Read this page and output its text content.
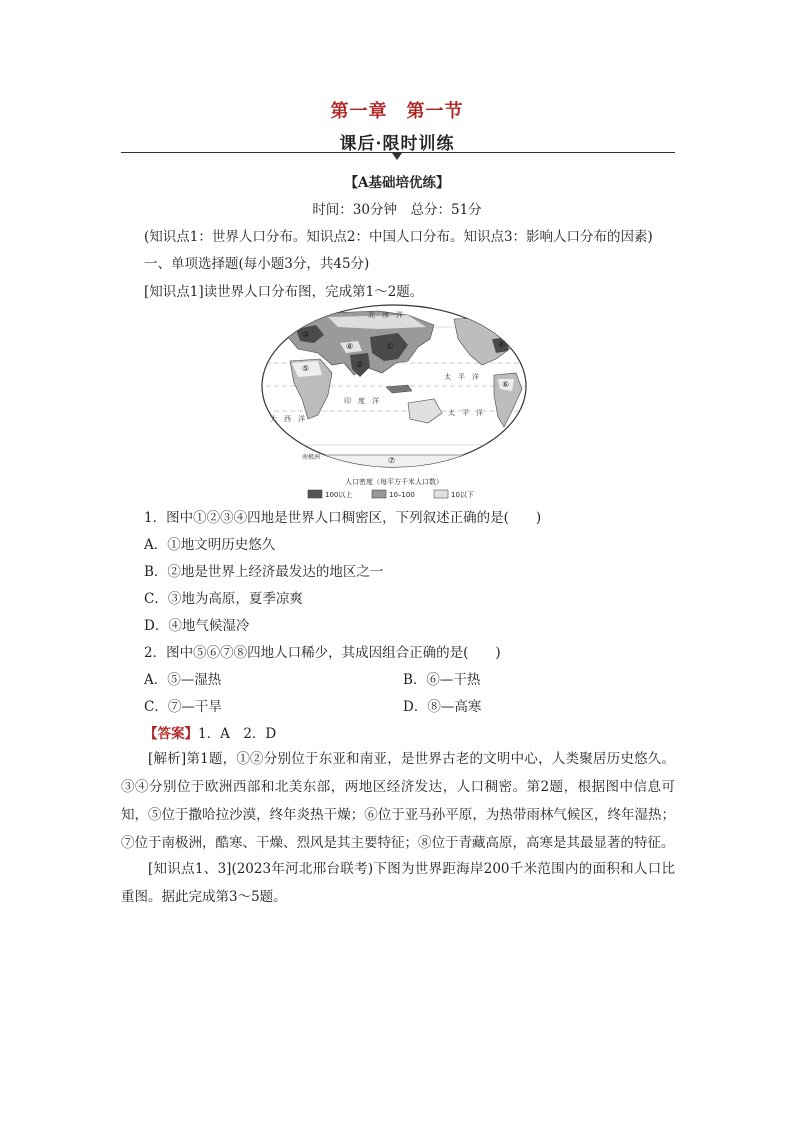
第一章　第一节
课后·限时训练
【A基础培优练】
时间：30分钟　总分：51分
(知识点1：世界人口分布。知识点2：中国人口分布。知识点3：影响人口分布的因素)
一、单项选择题(每小题3分，共45分)
[知识点1]读世界人口分布图，完成第1～2题。
北　冰　洋
大　西　洋
太　平　洋
印　度　洋
太　平　洋
南极洲
①
②
③
④
⑤
⑥
⑦
⑧
人口密度（每平方千米人口数）
100以上	10–100	10以下
1．图中①②③④四地是世界人口稠密区，下列叙述正确的是(　　)
A．①地文明历史悠久
B．②地是世界上经济最发达的地区之一
C．③地为高原，夏季凉爽
D．④地气候湿冷
2．图中⑤⑥⑦⑧四地人口稀少，其成因组合正确的是(　　)
A．⑤—湿热	B．⑥—干热
C．⑦—干旱	D．⑧—高寒
【答案】1．A　2．D
[解析]第1题，①②分别位于东亚和南亚，是世界古老的文明中心，人类聚居历史悠久。③④分别位于欧洲西部和北美东部，两地区经济发达，人口稠密。第2题，根据图中信息可知，⑤位于撒哈拉沙漠，终年炎热干燥；⑥位于亚马孙平原，为热带雨林气候区，终年湿热；⑦位于南极洲，酷寒、干燥、烈风是其主要特征；⑧位于青藏高原，高寒是其最显著的特征。
[知识点1、3](2023年河北邢台联考)下图为世界距海岸200千米范围内的面积和人口比重图。据此完成第3～5题。
